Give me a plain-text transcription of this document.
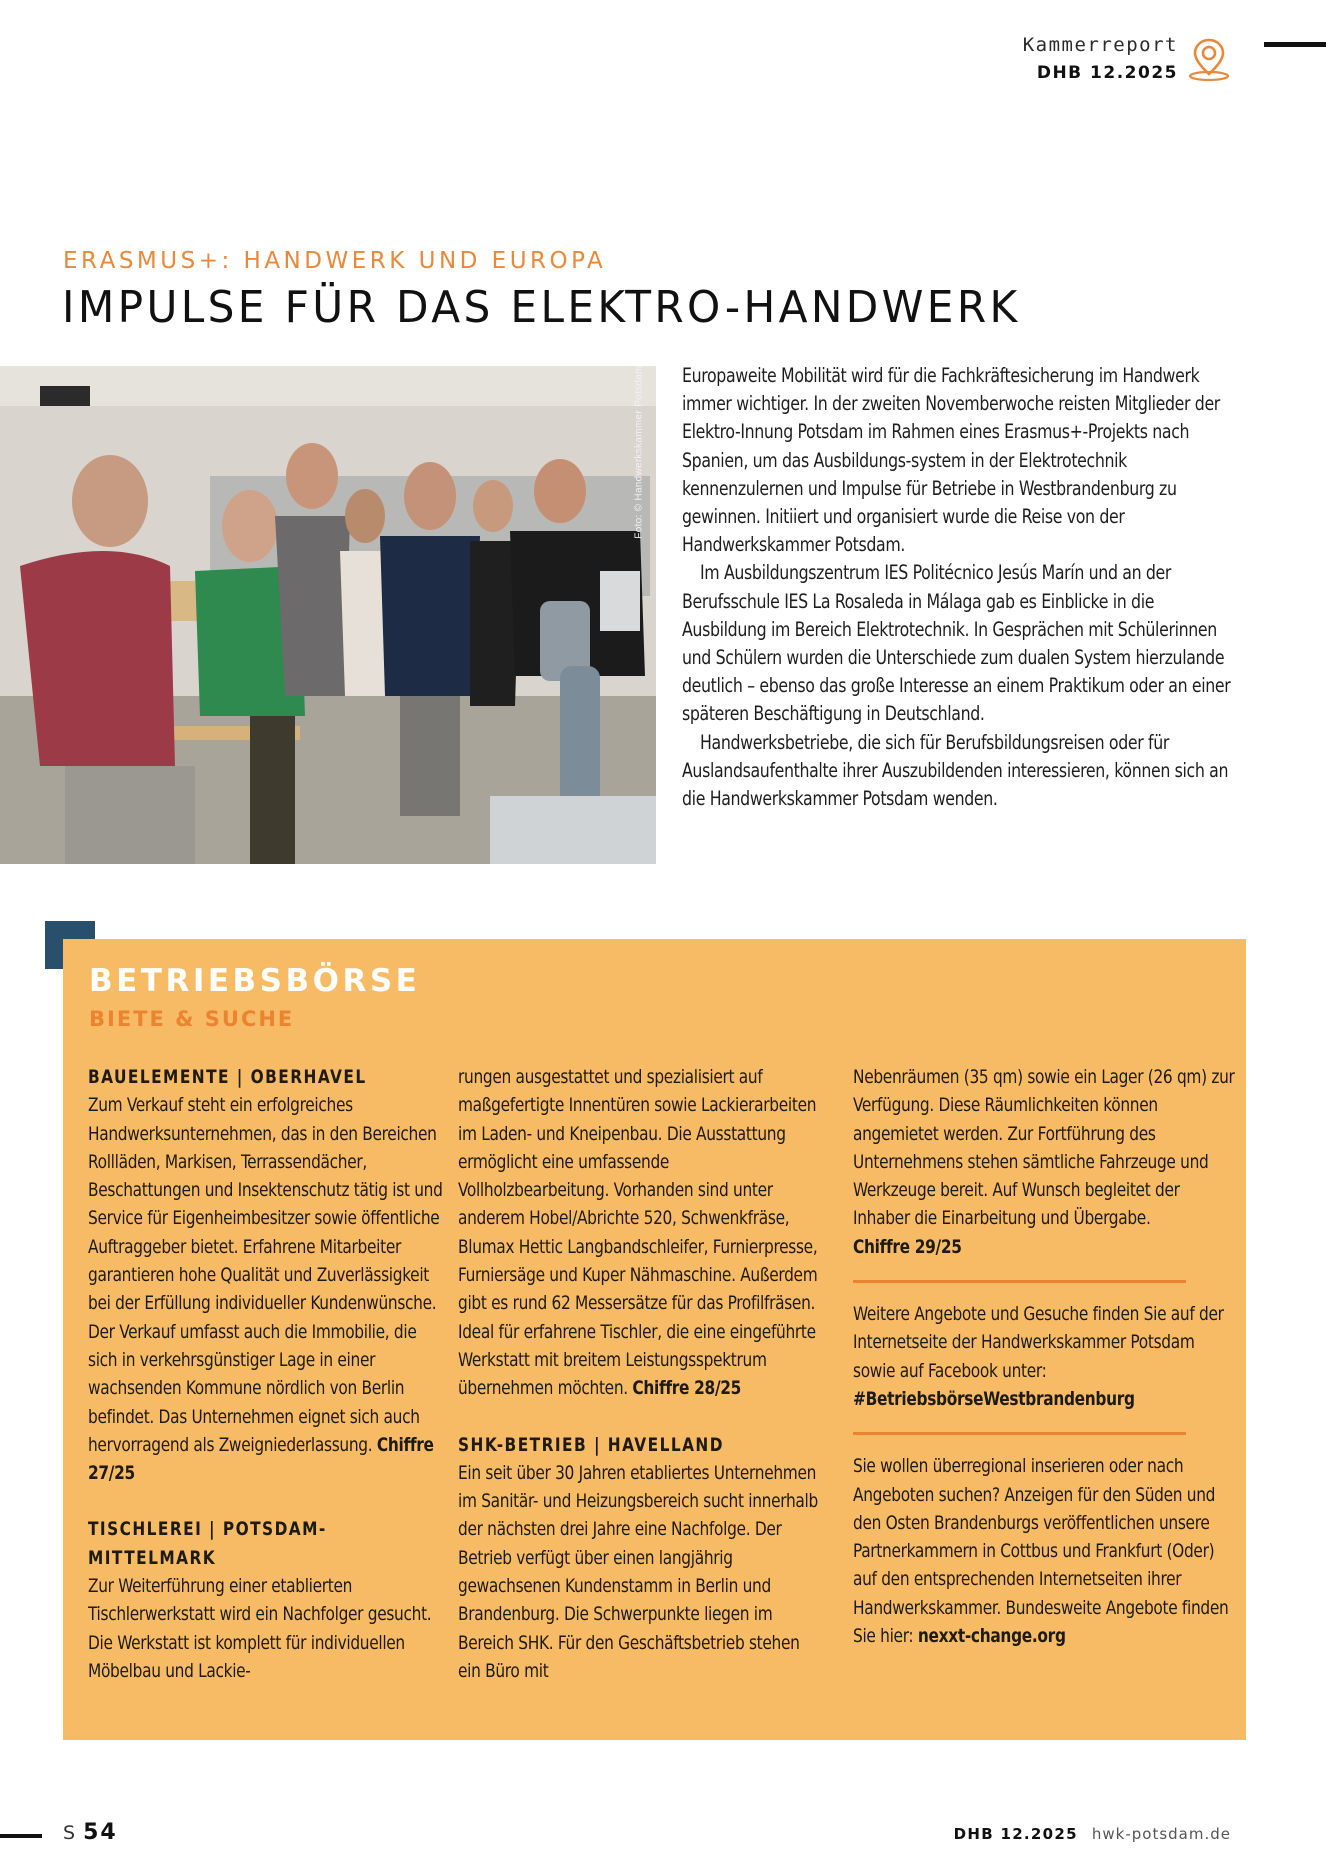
Kammerreport
DHB 12.2025
ERASMUS+: HANDWERK UND EUROPA
IMPULSE FÜR DAS ELEKTRO-HANDWERK
Foto: © Handwerkskammer Potsdam Europaweite Mobilität wird für die Fachkräftesicherung im Handwerk immer wichtiger. In der zweiten Novemberwoche reisten Mitglieder der Elektro-Innung Potsdam im Rahmen eines Erasmus+-Projekts nach Spanien, um das Ausbildungs-system in der Elektrotechnik kennenzulernen und Impulse für Betriebe in Westbrandenburg zu gewinnen. Initiiert und organisiert wurde die Reise von der Handwerkskammer Potsdam.

Im Ausbildungszentrum IES Politécnico Jesús Marín und an der Berufsschule IES La Rosaleda in Málaga gab es Einblicke in die Ausbildung im Bereich Elektrotechnik. In Gesprächen mit Schülerinnen und Schülern wurden die Unterschiede zum dualen System hierzulande deutlich – ebenso das große Interesse an einem Praktikum oder an einer späteren Beschäftigung in Deutschland.

Handwerksbetriebe, die sich für Berufsbildungsreisen oder für Auslandsaufenthalte ihrer Auszubildenden interessieren, können sich an die Handwerkskammer Potsdam wenden.

BETRIEBSBÖRSE
BIETE & SUCHE
BAUELEMENTE | OBERHAVEL
Zum Verkauf steht ein erfolgreiches Handwerksunternehmen, das in den Bereichen Rollläden, Markisen, Terrassendächer, Beschattungen und Insektenschutz tätig ist und Service für Eigenheimbesitzer sowie öffentliche Auftraggeber bietet. Erfahrene Mitarbeiter garantieren hohe Qualität und Zuverlässigkeit bei der Erfüllung individueller Kundenwünsche. Der Verkauf umfasst auch die Immobilie, die sich in verkehrsgünstiger Lage in einer wachsenden Kommune nördlich von Berlin befindet. Das Unternehmen eignet sich auch hervorragend als Zweigniederlassung. Chiffre 27/25
TISCHLEREI | POTSDAM-MITTELMARK
Zur Weiterführung einer etablierten Tischlerwerkstatt wird ein Nachfolger gesucht. Die Werkstatt ist komplett für individuellen Möbelbau und Lackie-
rungen ausgestattet und spezialisiert auf maßgefertigte Innentüren sowie Lackierarbeiten im Laden- und Kneipenbau. Die Ausstattung ermöglicht eine umfassende Vollholzbearbeitung. Vorhanden sind unter anderem Hobel/Abrichte 520, Schwenkfräse, Blumax Hettic Langbandschleifer, Furnierpresse, Furniersäge und Kuper Nähmaschine. Außerdem gibt es rund 62 Messersätze für das Profilfräsen. Ideal für erfahrene Tischler, die eine eingeführte Werkstatt mit breitem Leistungsspektrum übernehmen möchten. Chiffre 28/25
SHK-BETRIEB | HAVELLAND
Ein seit über 30 Jahren etabliertes Unternehmen im Sanitär- und Heizungsbereich sucht innerhalb der nächsten drei Jahre eine Nachfolge. Der Betrieb verfügt über einen langjährig gewachsenen Kundenstamm in Berlin und Brandenburg. Die Schwerpunkte liegen im Bereich SHK. Für den Geschäftsbetrieb stehen ein Büro mit
Nebenräumen (35 qm) sowie ein Lager (26 qm) zur Verfügung. Diese Räumlichkeiten können angemietet werden. Zur Fortführung des Unternehmens stehen sämtliche Fahrzeuge und Werkzeuge bereit. Auf Wunsch begleitet der Inhaber die Einarbeitung und Übergabe.
Chiffre 29/25
Weitere Angebote und Gesuche finden Sie auf der Internetseite der Handwerkskammer Potsdam sowie auf Facebook unter:
#BetriebsbörseWestbrandenburg
Sie wollen überregional inserieren oder nach Angeboten suchen? Anzeigen für den Süden und den Osten Brandenburgs veröffentlichen unsere Partnerkammern in Cottbus und Frankfurt (Oder) auf den entsprechenden Internetseiten ihrer Handwerkskammer. Bundesweite Angebote finden Sie hier: nexxt-change.org
S 54	DHB 12.2025 hwk-potsdam.de
